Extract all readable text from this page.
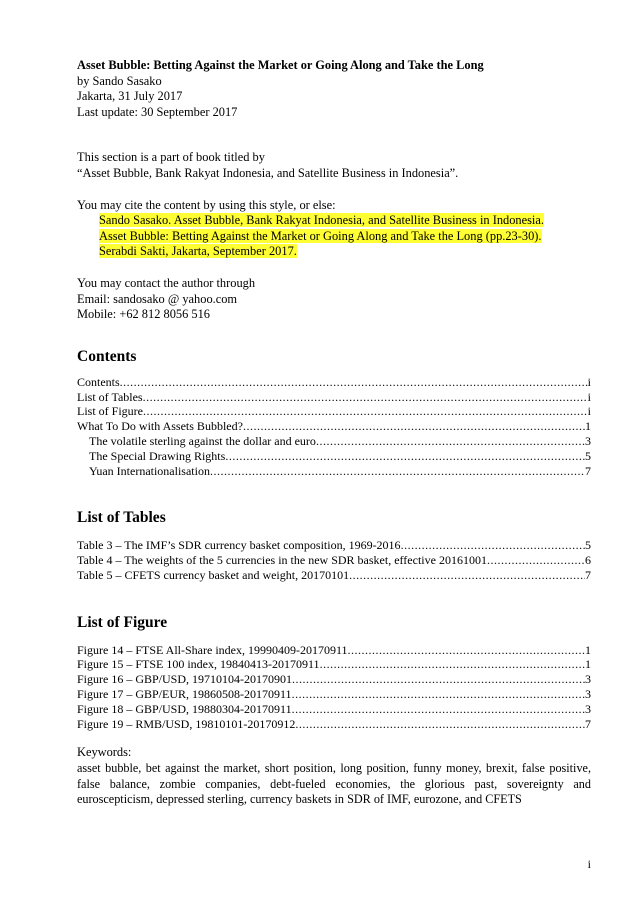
Asset Bubble: Betting Against the Market or Going Along and Take the Long
by Sando Sasako
Jakarta, 31 July 2017
Last update: 30 September 2017
This section is a part of book titled by
“Asset Bubble, Bank Rakyat Indonesia, and Satellite Business in Indonesia”.
You may cite the content by using this style, or else:
Sando Sasako. Asset Bubble, Bank Rakyat Indonesia, and Satellite Business in Indonesia.
Asset Bubble: Betting Against the Market or Going Along and Take the Long (pp.23-30).
Serabdi Sakti, Jakarta, September 2017.
You may contact the author through
Email: sandosako @ yahoo.com
Mobile: +62 812 8056 516
Contents
Contents .....	i
List of Tables .....	i
List of Figure .....	i
What To Do with Assets Bubbled? .....	1
The volatile sterling against the dollar and euro .....	3
The Special Drawing Rights .....	5
Yuan Internationalisation .....	7
List of Tables
Table 3 – The IMF’s SDR currency basket composition, 1969-2016 .....	5
Table 4 – The weights of the 5 currencies in the new SDR basket, effective 20161001 .....	6
Table 5 – CFETS currency basket and weight, 20170101 .....	7
List of Figure
Figure 14 – FTSE All-Share index, 19990409-20170911 .....	1
Figure 15 – FTSE 100 index, 19840413-20170911 .....	1
Figure 16 – GBP/USD, 19710104-20170901 .....	3
Figure 17 – GBP/EUR, 19860508-20170911 .....	3
Figure 18 – GBP/USD, 19880304-20170911 .....	3
Figure 19 – RMB/USD, 19810101-20170912 .....	7
Keywords:
asset bubble, bet against the market, short position, long position, funny money, brexit, false positive, false balance, zombie companies, debt-fueled economies, the glorious past, sovereignty and euroscepticism, depressed sterling, currency baskets in SDR of IMF, eurozone, and CFETS
i
